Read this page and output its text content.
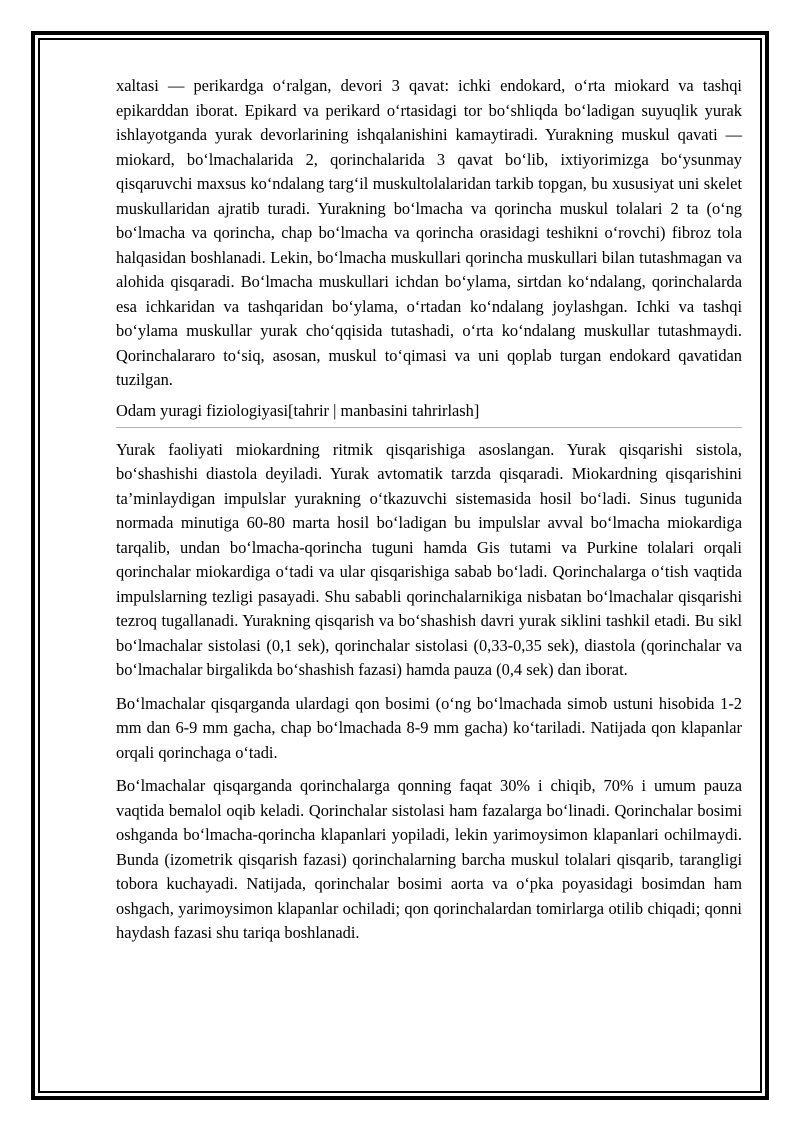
xaltasi — perikardga o‘ralgan, devori 3 qavat: ichki endokard, o‘rta miokard va tashqi epikarddan iborat. Epikard va perikard o‘rtasidagi tor bo‘shliqda bo‘ladigan suyuqlik yurak ishlayotganda yurak devorlarining ishqalanishini kamaytiradi. Yurakning muskul qavati — miokard, bo‘lmachalarida 2, qorinchalarida 3 qavat bo‘lib, ixtiyorimizga bo‘ysunmay qisqaruvchi maxsus ko‘ndalang targ‘il muskultolalaridan tarkib topgan, bu xususiyat uni skelet muskullaridan ajratib turadi. Yurakning bo‘lmacha va qorincha muskul tolalari 2 ta (o‘ng bo‘lmacha va qorincha, chap bo‘lmacha va qorincha orasidagi teshikni o‘rovchi) fibroz tola halqasidan boshlanadi. Lekin, bo‘lmacha muskullari qorincha muskullari bilan tutashmagan va alohida qisqaradi. Bo‘lmacha muskullari ichdan bo‘ylama, sirtdan ko‘ndalang, qorinchalarda esa ichkaridan va tashqaridan bo‘ylama, o‘rtadan ko‘ndalang joylashgan. Ichki va tashqi bo‘ylama muskullar yurak cho‘qqisida tutashadi, o‘rta ko‘ndalang muskullar tutashmaydi. Qorinchalararo to‘siq, asosan, muskul to‘qimasi va uni qoplab turgan endokard qavatidan tuzilgan.

Odam yuragi fiziologiyasi[tahrir | manbasini tahrirlash]

Yurak faoliyati miokardning ritmik qisqarishiga asoslangan. Yurak qisqarishi sistola, bo‘shashishi diastola deyiladi. Yurak avtomatik tarzda qisqaradi. Miokardning qisqarishini ta’minlaydigan impulslar yurakning o‘tkazuvchi sistemasida hosil bo‘ladi. Sinus tugunida normada minutiga 60-80 marta hosil bo‘ladigan bu impulslar avval bo‘lmacha miokardiga tarqalib, undan bo‘lmacha-qorincha tuguni hamda Gis tutami va Purkine tolalari orqali qorinchalar miokardiga o‘tadi va ular qisqarishiga sabab bo‘ladi. Qorinchalarga o‘tish vaqtida impulslarning tezligi pasayadi. Shu sababli qorinchalarnikiga nisbatan bo‘lmachalar qisqarishi tezroq tugallanadi. Yurakning qisqarish va bo‘shashish davri yurak siklini tashkil etadi. Bu sikl bo‘lmachalar sistolasi (0,1 sek), qorinchalar sistolasi (0,33-0,35 sek), diastola (qorinchalar va bo‘lmachalar birgalikda bo‘shashish fazasi) hamda pauza (0,4 sek) dan iborat.

Bo‘lmachalar qisqarganda ulardagi qon bosimi (o‘ng bo‘lmachada simob ustuni hisobida 1-2 mm dan 6-9 mm gacha, chap bo‘lmachada 8-9 mm gacha) ko‘tariladi. Natijada qon klapanlar orqali qorinchaga o‘tadi.

Bo‘lmachalar qisqarganda qorinchalarga qonning faqat 30% i chiqib, 70% i umum pauza vaqtida bemalol oqib keladi. Qorinchalar sistolasi ham fazalarga bo‘linadi. Qorinchalar bosimi oshganda bo‘lmacha-qorincha klapanlari yopiladi, lekin yarimoysimon klapanlari ochilmaydi. Bunda (izometrik qisqarish fazasi) qorinchalarning barcha muskul tolalari qisqarib, tarangligi tobora kuchayadi. Natijada, qorinchalar bosimi aorta va o‘pka poyasidagi bosimdan ham oshgach, yarimoysimon klapanlar ochiladi; qon qorinchalardan tomirlarga otilib chiqadi; qonni haydash fazasi shu tariqa boshlanadi.
